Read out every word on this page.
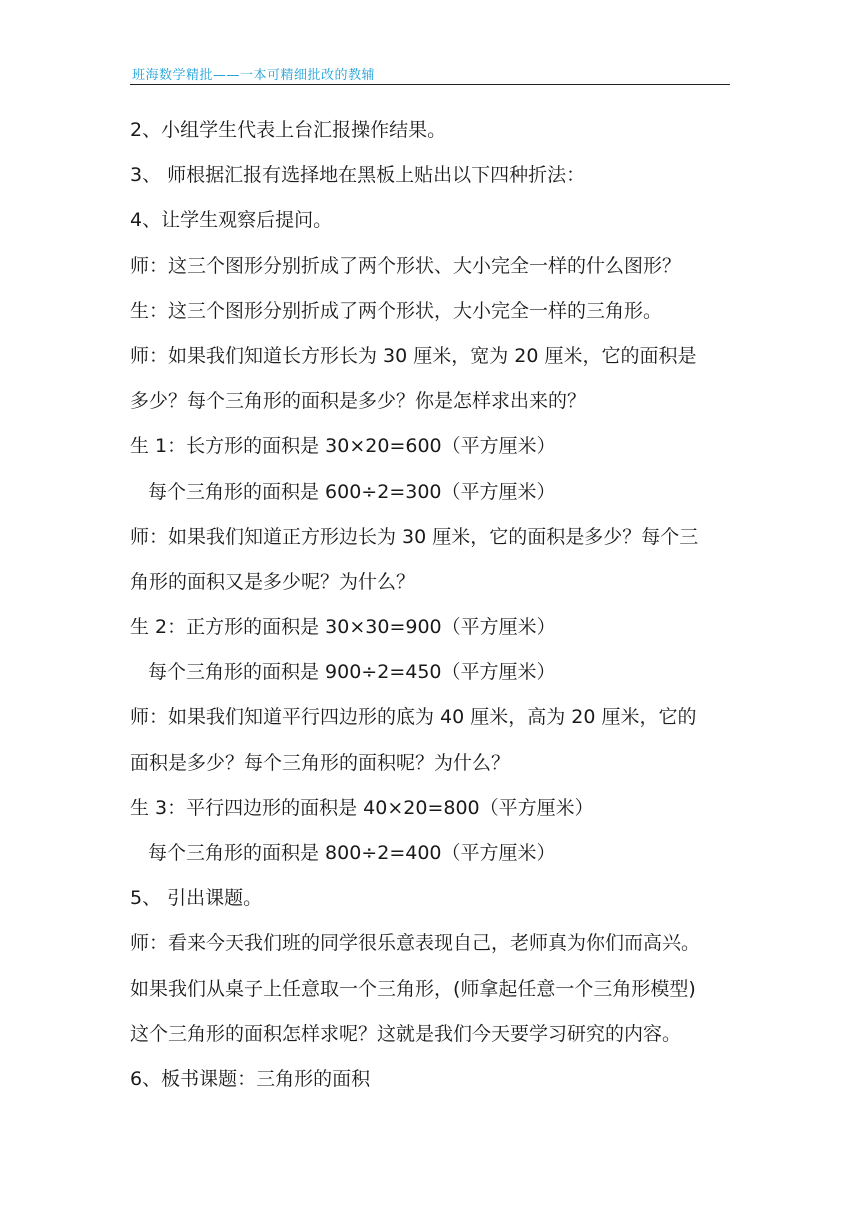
班海数学精批——一本可精细批改的教辅
2、小组学生代表上台汇报操作结果。
3、 师根据汇报有选择地在黑板上贴出以下四种折法：
4、让学生观察后提问。
师：这三个图形分别折成了两个形状、大小完全一样的什么图形？
生：这三个图形分别折成了两个形状，大小完全一样的三角形。
师：如果我们知道长方形长为 30 厘米，宽为 20 厘米，它的面积是
多少？每个三角形的面积是多少？你是怎样求出来的？
生 1：长方形的面积是 30×20=600（平方厘米）
每个三角形的面积是 600÷2=300（平方厘米）
师：如果我们知道正方形边长为 30 厘米，它的面积是多少？每个三
角形的面积又是多少呢？为什么？
生 2：正方形的面积是 30×30=900（平方厘米）
每个三角形的面积是 900÷2=450（平方厘米）
师：如果我们知道平行四边形的底为 40 厘米，高为 20 厘米，它的
面积是多少？每个三角形的面积呢？为什么？
生 3：平行四边形的面积是 40×20=800（平方厘米）
每个三角形的面积是 800÷2=400（平方厘米）
5、 引出课题。
师：看来今天我们班的同学很乐意表现自己，老师真为你们而高兴。
如果我们从桌子上任意取一个三角形，(师拿起任意一个三角形模型)
这个三角形的面积怎样求呢？这就是我们今天要学习研究的内容。
6、板书课题：三角形的面积
